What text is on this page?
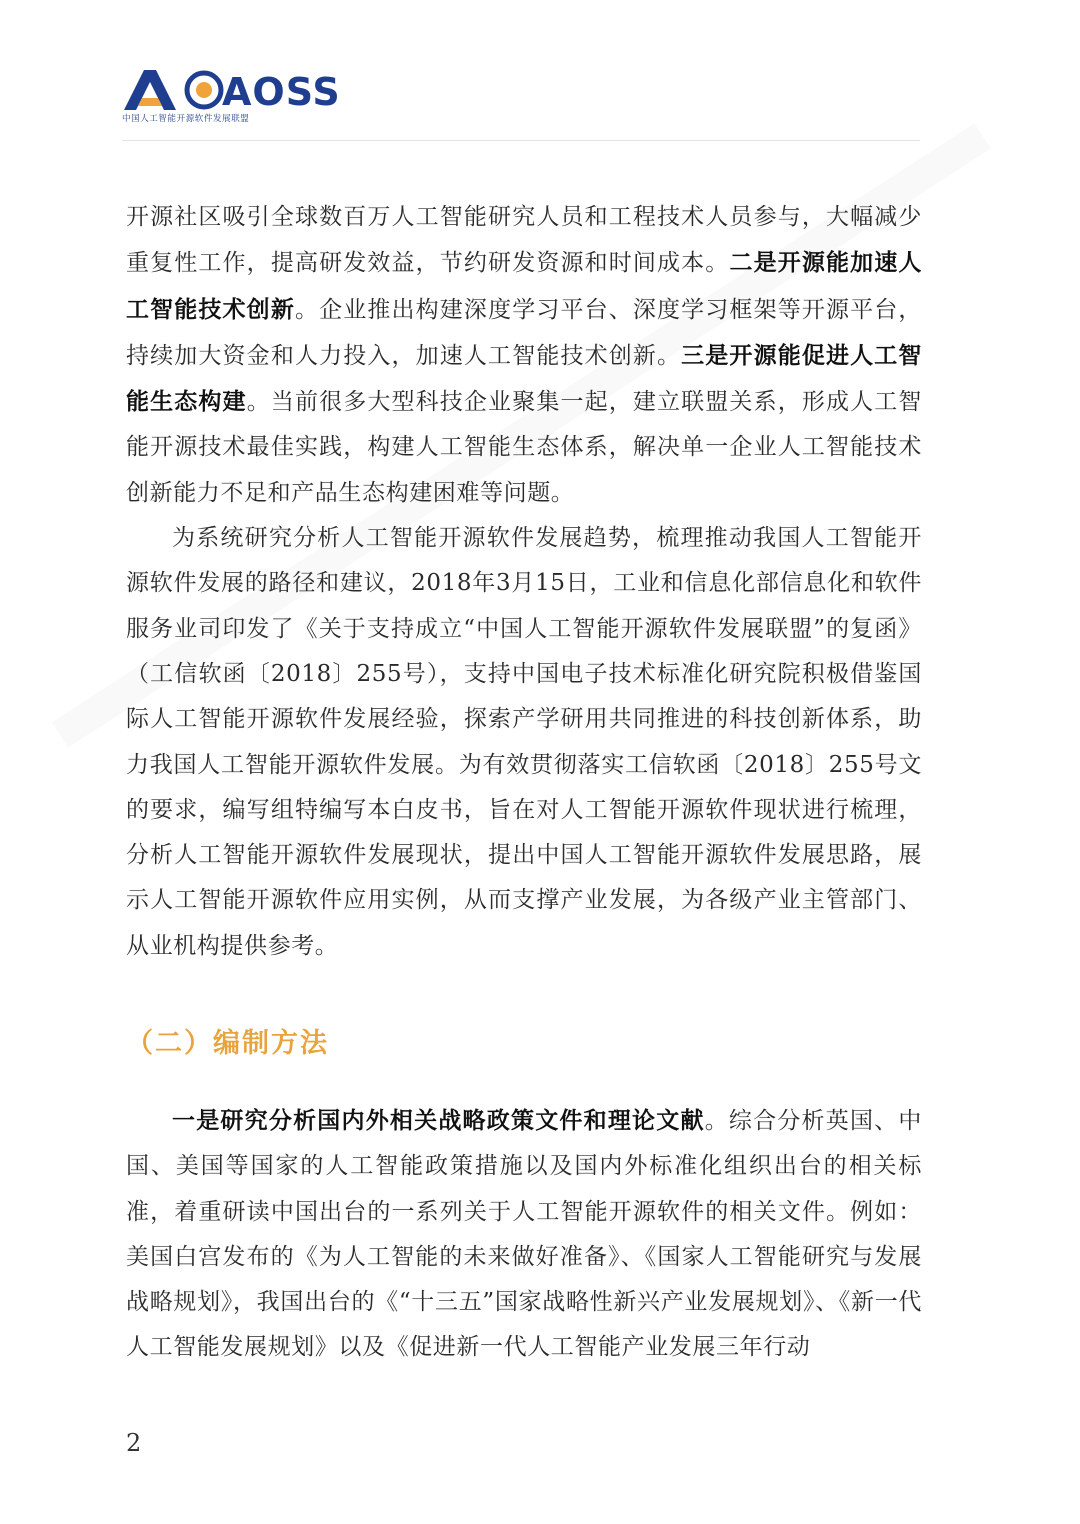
AOSS
中国人工智能开源软件发展联盟

开源社区吸引全球数百万人工智能研究人员和工程技术人员参与，大幅减少重复性工作，提高研发效益，节约研发资源和时间成本。二是开源能加速人工智能技术创新。企业推出构建深度学习平台、深度学习框架等开源平台，持续加大资金和人力投入，加速人工智能技术创新。三是开源能促进人工智能生态构建。当前很多大型科技企业聚集一起，建立联盟关系，形成人工智能开源技术最佳实践，构建人工智能生态体系，解决单一企业人工智能技术创新能力不足和产品生态构建困难等问题。

为系统研究分析人工智能开源软件发展趋势，梳理推动我国人工智能开源软件发展的路径和建议，2018年3月15日，工业和信息化部信息化和软件服务业司印发了《关于支持成立“中国人工智能开源软件发展联盟”的复函》（工信软函〔2018〕255号），支持中国电子技术标准化研究院积极借鉴国际人工智能开源软件发展经验，探索产学研用共同推进的科技创新体系，助力我国人工智能开源软件发展。为有效贯彻落实工信软函〔2018〕255号文的要求，编写组特编写本白皮书，旨在对人工智能开源软件现状进行梳理，分析人工智能开源软件发展现状，提出中国人工智能开源软件发展思路，展示人工智能开源软件应用实例，从而支撑产业发展，为各级产业主管部门、从业机构提供参考。

（二）编制方法

一是研究分析国内外相关战略政策文件和理论文献。综合分析英国、中国、美国等国家的人工智能政策措施以及国内外标准化组织出台的相关标准，着重研读中国出台的一系列关于人工智能开源软件的相关文件。例如：美国白宫发布的《为人工智能的未来做好准备》、《国家人工智能研究与发展战略规划》，我国出台的《“十三五”国家战略性新兴产业发展规划》、《新一代人工智能发展规划》以及《促进新一代人工智能产业发展三年行动

2
